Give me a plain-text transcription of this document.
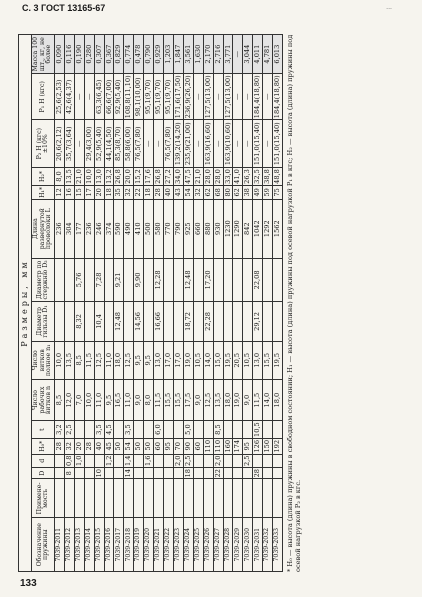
С. 3 ГОСТ 13165-67	...
Размеры, мм															
Обозначение пружины	Примене-мость	D	d	H₀*	t	Число рабочих витков n	Число витков полное n₁	Диаметр гильзы D₁	Диаметр по стержню D₂	Длина развернутой проволоки L	H₁*	H₂*	P₂ Н (кгс) ±10%	P₁ Н (кгс)	Масса 100 шт., кг, не более
7039-2011				28	3,2	8,5	10,0			236	12	8,0	20,6(2,12)	25,6(2,53)	0,090
7039-2012		8	0,8	32	2,5	12,0	13,5			304	16	13,5	35,7(3,64)	42,6(4,37)	0,116
7039-2013			1,0	20		7,0	8,5	8,32	5,76	177	15	21,0	—	—	0,190
7039-2014				28		10,0	11,5			236	17	10,0	29,4(3,00)	—	0,280
7039-2015		10		40	3,5	11,0	12,5	10,4	7,28	246	20	13,0	52,9(5,40)	63,3(6,45)	0,307
7039-2016			1,2	45	4,5	9,5	11,0			374	18	13,2	44,1(4,50)	66,6(7,00)	0,367
7039-2017				50		16,5	18,0	12,48	9,21	590	35	26,8	85,3(8,70)	92,9(5,40)	0,829
7039-2018		14	1,4	54	3,5	11,0	12,5			490	32	20,0	58,8(6,00)	108,8(11,10)	0,774
7039-2019				50		9,0	9,5	14,56	9,90	410	22	15,2	76,5(7,80)	98,1(10,00)	0,478
7039-2020			1,6	50		8,0	9,5			500	18	17,6	—	95,1(9,70)	0,790
7039-2021				60	6,0	11,5	13,0	16,66	12,28	580	28	26,8	—	95,1(9,70)	0,929
7039-2022				95		15,5	17,0			770	40	27,2	76,5(7,80)	95,1(9,70)	1,203
7039-2023			2,0	70		15,5	17,0			790	43	34,0	139,2(14,20)	171,6(17,50)	1,847
7039-2024		18	2,5	90	5,0	17,5	19,0	18,72	12,48	925	54	47,5	235,9(21,00)	236,9(26,20)	3,561
7039-2025				60		9,0	10,5			660	32	21,0	—	—	1,630
7039-2026				110		12,5	14,0	22,28	17,20	880	62	28,0	163,9(16,60)	127,5(13,00)	2,170
7039-2027		22	2,0	110	8,5	13,5	15,0			930	68	28,0	—	—	2,716
7039-2028				160		18,0	19,5			1230	80	33,0	163,9(10,60)	127,5(13,00)	3,771
7039-2029				174		19,0	20,5			1290	62	41,0	—	—	—
7039-2030			2,5	95		9,0	10,5			842	38	26,3	—	—	3,044
7039-2031		28		126	10,5	11,5	13,0	29,12	22,08	1042	49	32,5	151,0(15,40)	184,4(18,80)	4,011
7039-2032				150		14,0	15,5			1292	59	38,8	—	—	4,781
7039-2033				192		18,0	19,5			1562	75	48,8	151,0(15,40)	184,4(18,80)	6,013 * H₀ — высота (длина) пружины в свободном состоянии; H₁ — высота (длина) пружины под осевой нагрузкой P₁ в кгс; H₂ — высота (длина) пружины под осевой нагрузкой P₂ в кгс.
133
